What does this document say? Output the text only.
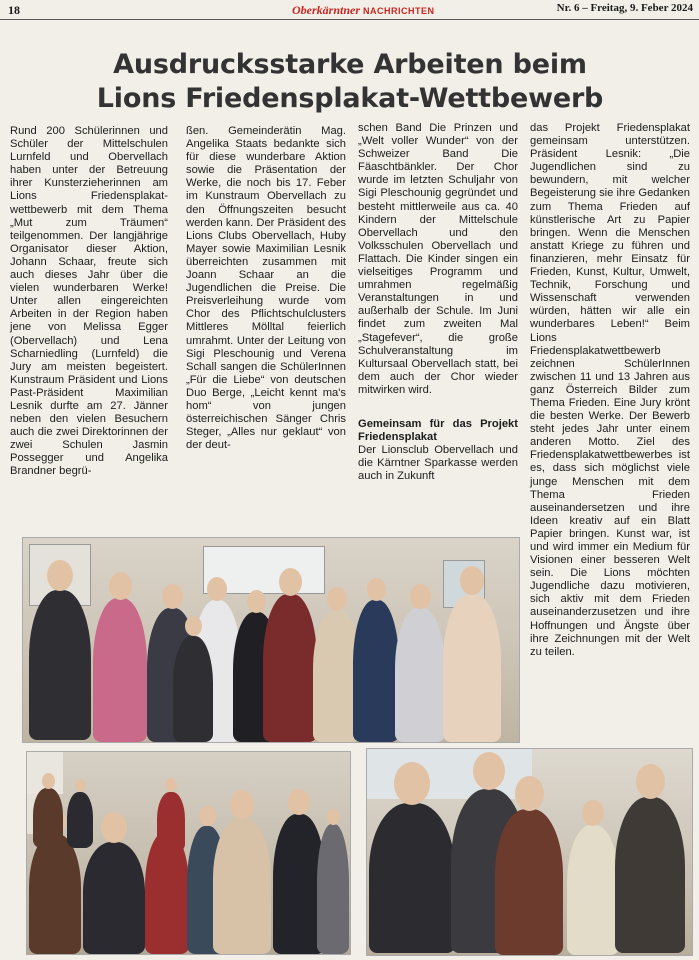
18	Oberkärntner NACHRICHTEN	Nr. 6 – Freitag, 9. Feber 2024
Ausdrucksstarke Arbeiten beim
Lions Friedensplakat-Wettbewerb

Rund 200 Schülerinnen und Schüler der Mittelschulen Lurnfeld und Obervellach haben unter der Betreuung ihrer Kunsterzieherinnen am Lions Friedensplakat-wettbewerb mit dem Thema „Mut zum Träumen“ teilgenommen. Der langjährige Organisator dieser Aktion, Johann Schaar, freute sich auch dieses Jahr über die vielen wunderbaren Werke! Unter allen eingereichten Arbeiten in der Region haben jene von Melissa Egger (Obervellach) und Lena Scharniedling (Lurnfeld) die Jury am meisten begeistert. Kunstraum Präsident und Lions Past-Präsident Maximilian Lesnik durfte am 27. Jänner neben den vielen Besuchern auch die zwei Direktorinnen der zwei Schulen Jasmin Possegger und Angelika Brandner begrü-

ßen. Gemeinderätin Mag. Angelika Staats bedankte sich für diese wunderbare Aktion sowie die Präsentation der Werke, die noch bis 17. Feber im Kunstraum Obervellach zu den Öffnungszeiten besucht werden kann. Der Präsident des Lions Clubs Obervellach, Huby Mayer sowie Maximilian Lesnik überreichten zusammen mit Joann Schaar an die Jugendlichen die Preise. Die Preisverleihung wurde vom Chor des Pflichtschulclusters Mittleres Mölltal feierlich umrahmt. Unter der Leitung von Sigi Pleschounig und Verena Schall sangen die SchülerInnen „Für die Liebe“ von deutschen Duo Berge, „Leicht kennt ma's hom“ von jungen österreichischen Sänger Chris Steger, „Alles nur geklaut“ von der deut-

schen Band Die Prinzen und „Welt voller Wunder“ von der Schweizer Band Die Fäaschtbänkler. Der Chor wurde im letzten Schuljahr von Sigi Pleschounig gegründet und besteht mittlerweile aus ca. 40 Kindern der Mittelschule Obervellach und den Volksschulen Obervellach und Flattach. Die Kinder singen ein vielseitiges Programm und umrahmen regelmäßig Veranstaltungen in und außerhalb der Schule. Im Juni findet zum zweiten Mal „Stagefever“, die große Schulveranstaltung im Kultursaal Obervellach statt, bei dem auch der Chor wieder mitwirken wird.

Gemeinsam für das Projekt Friedensplakat

Der Lionsclub Obervellach und die Kärntner Sparkasse werden auch in Zukunft

das Projekt Friedensplakat gemeinsam unterstützen. Präsident Lesnik: „Die Jugendlichen sind zu bewundern, mit welcher Begeisterung sie ihre Gedanken zum Thema Frieden auf künstlerische Art zu Papier bringen. Wenn die Menschen anstatt Kriege zu führen und finanzieren, mehr Einsatz für Frieden, Kunst, Kultur, Umwelt, Technik, Forschung und Wissenschaft verwenden würden, hätten wir alle ein wunderbares Leben!“ Beim Lions Friedensplakatwettbewerb zeichnen SchülerInnen zwischen 11 und 13 Jahren aus ganz Österreich Bilder zum Thema Frieden. Eine Jury krönt die besten Werke. Der Bewerb steht jedes Jahr unter einem anderen Motto. Ziel des Friedensplakatwettbewerbes ist es, dass sich möglichst viele junge Menschen mit dem Thema Frieden auseinandersetzen und ihre Ideen kreativ auf ein Blatt Papier bringen. Kunst war, ist und wird immer ein Medium für Visionen einer besseren Welt sein. Die Lions möchten Jugendliche dazu motivieren, sich aktiv mit dem Frieden auseinanderzusetzen und ihre Hoffnungen und Ängste über ihre Zeichnungen mit der Welt zu teilen.
